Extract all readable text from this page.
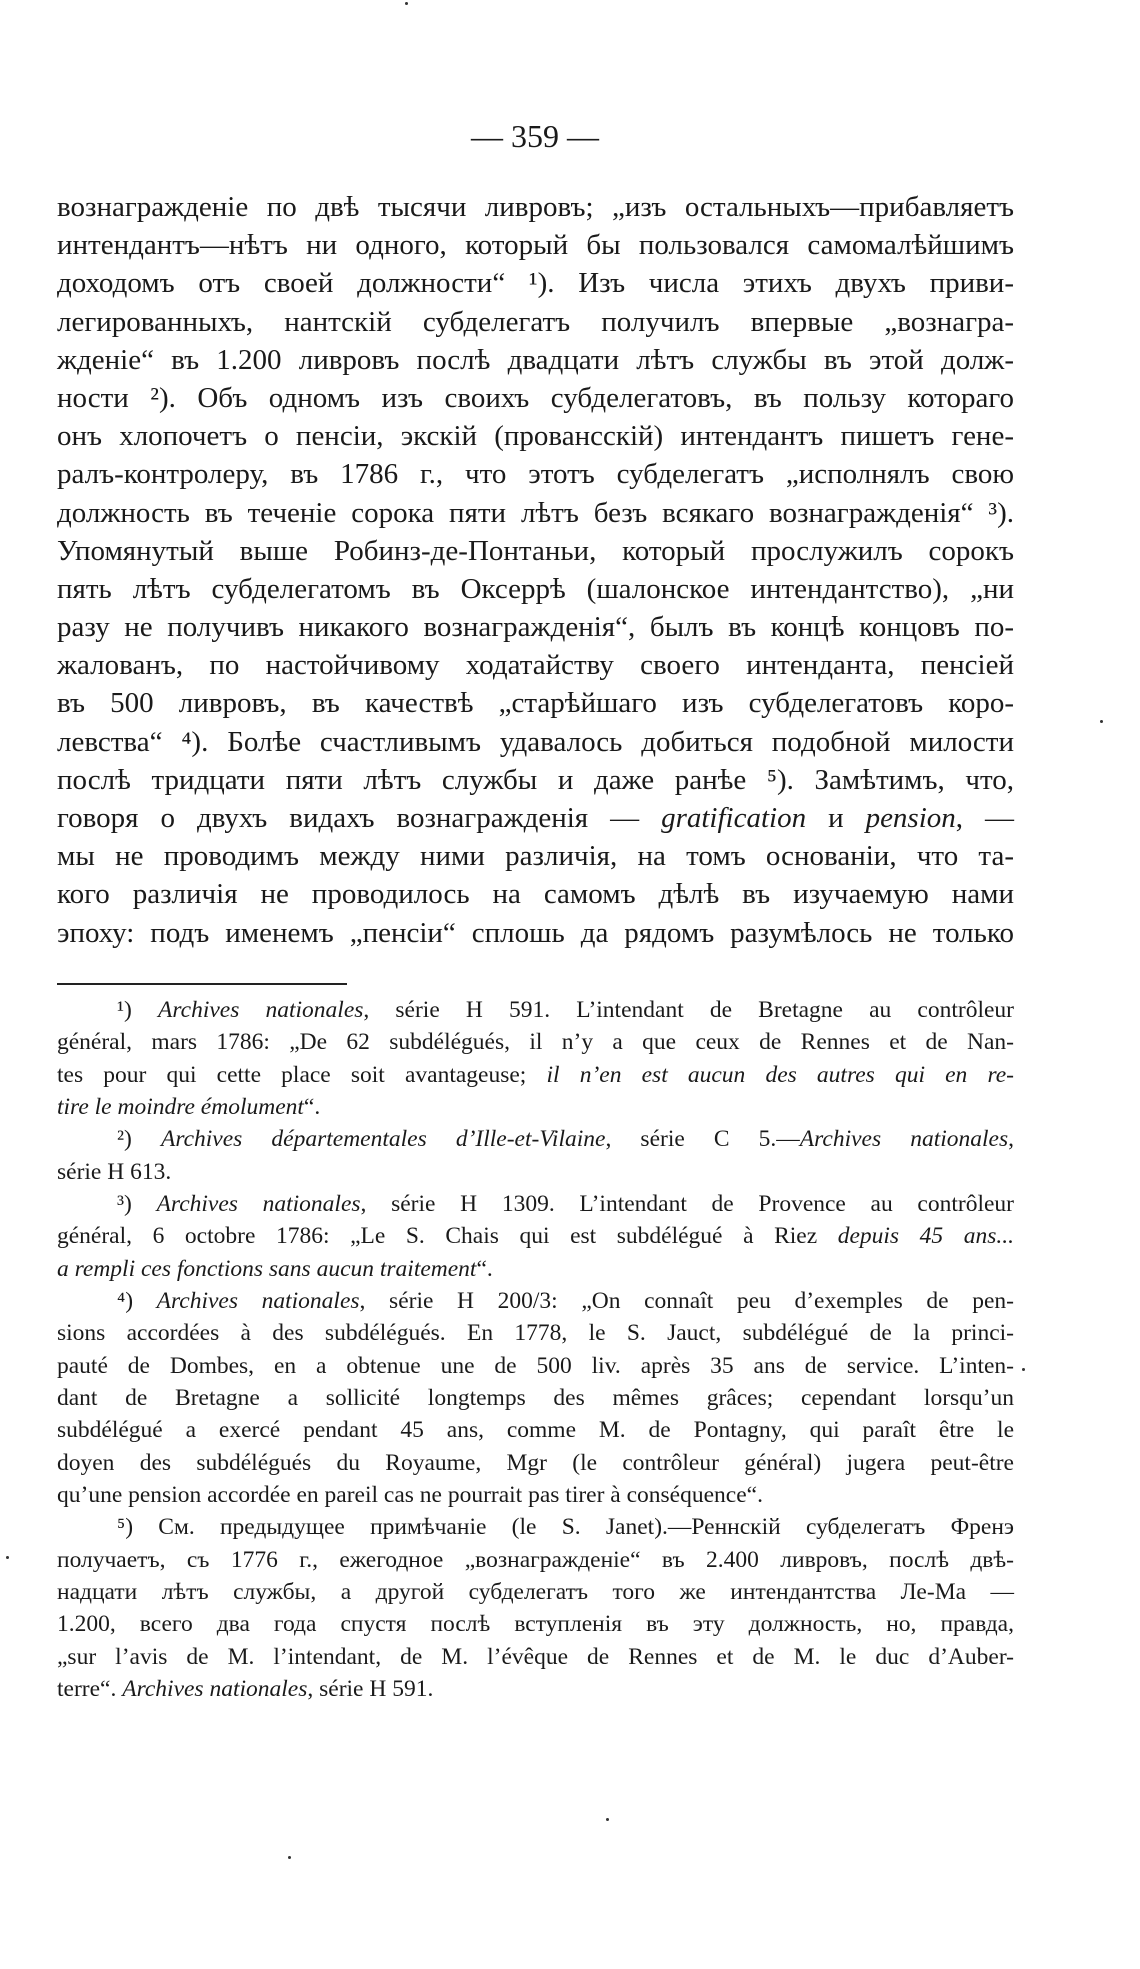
— 359 —
вознагражденіе по двѣ тысячи ливровъ; „изъ остальныхъ—прибавляетъ
интендантъ—нѣтъ ни одного, который бы пользовался самомалѣйшимъ
доходомъ отъ своей должности“ ¹). Изъ числа этихъ двухъ приви-
легированныхъ, нантскій субделегатъ получилъ впервые „вознагра-
жденіе“ въ 1.200 ливровъ послѣ двадцати лѣтъ службы въ этой долж-
ности ²). Объ одномъ изъ своихъ субделегатовъ, въ пользу котораго
онъ хлопочетъ о пенсіи, экскій (провансскій) интендантъ пишетъ гене-
ралъ-контролеру, въ 1786 г., что этотъ субделегатъ „исполнялъ свою
должность въ теченіе сорока пяти лѣтъ безъ всякаго вознагражденія“ ³).
Упомянутый выше Робинз-де-Понтаньи, который прослужилъ сорокъ
пять лѣтъ субделегатомъ въ Оксеррѣ (шалонское интендантство), „ни
разу не получивъ никакого вознагражденія“, былъ въ концѣ концовъ по-
жалованъ, по настойчивому ходатайству своего интенданта, пенсіей
въ 500 ливровъ, въ качествѣ „старѣйшаго изъ субделегатовъ коро-
левства“ ⁴). Болѣе счастливымъ удавалось добиться подобной милости
послѣ тридцати пяти лѣтъ службы и даже ранѣе ⁵). Замѣтимъ, что,
говоря о двухъ видахъ вознагражденія — gratification и pension, —
мы не проводимъ между ними различія, на томъ основаніи, что та-
кого различія не проводилось на самомъ дѣлѣ въ изучаемую нами
эпоху: подъ именемъ „пенсіи“ сплошь да рядомъ разумѣлось не только
¹) Archives nationales, série H 591. L’intendant de Bretagne au contrôleur
général, mars 1786: „De 62 subdélégués, il n’y a que ceux de Rennes et de Nan-
tes pour qui cette place soit avantageuse; il n’en est aucun des autres qui en re-
tire le moindre émolument“.
²) Archives départementales d’Ille-et-Vilaine, série C 5.—Archives nationales,
série H 613.
³) Archives nationales, série H 1309. L’intendant de Provence au contrôleur
général, 6 octobre 1786: „Le S. Chais qui est subdélégué à Riez depuis 45 ans...
a rempli ces fonctions sans aucun traitement“.
⁴) Archives nationales, série H 200/3: „On connaît peu d’exemples de pen-
sions accordées à des subdélégués. En 1778, le S. Jauct, subdélégué de la princi-
pauté de Dombes, en a obtenue une de 500 liv. après 35 ans de service. L’inten-
dant de Bretagne a sollicité longtemps des mêmes grâces; cependant lorsqu’un
subdélégué a exercé pendant 45 ans, comme M. de Pontagny, qui paraît être le
doyen des subdélégués du Royaume, Mgr (le contrôleur général) jugera peut-être
qu’une pension accordée en pareil cas ne pourrait pas tirer à conséquence“.
⁵) См. предыдущее примѣчаніе (le S. Janet).—Реннскій субделегатъ Френэ
получаетъ, съ 1776 г., ежегодное „вознагражденіе“ въ 2.400 ливровъ, послѣ двѣ-
надцати лѣтъ службы, а другой субделегатъ того же интендантства Ле-Ма —
1.200, всего два года спустя послѣ вступленія въ эту должность, но, правда,
„sur l’avis de M. l’intendant, de M. l’évêque de Rennes et de M. le duc d’Auber-
terre“. Archives nationales, série H 591.
